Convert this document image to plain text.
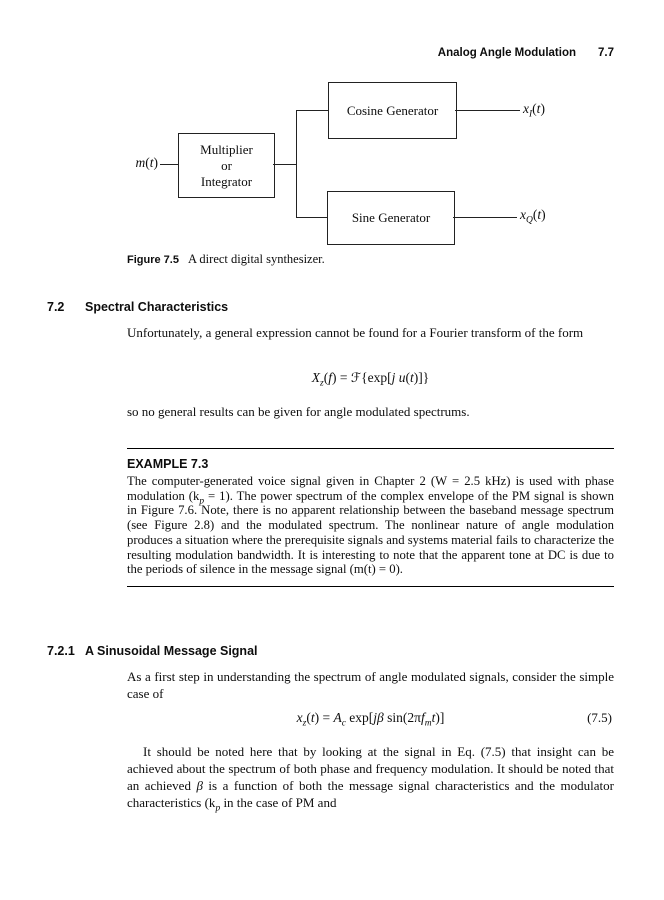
Analog Angle Modulation 7.7
m(t)
Multiplier
or
Integrator
Cosine Generator
Sine Generator
$x_I(t)$
$x_Q(t)$
Figure 7.5 A direct digital synthesizer.
7.2	Spectral Characteristics
Unfortunately, a general expression cannot be found for a Fourier transform of the form
$X_z(f)$ = ℱ{exp[j u(t)]}
so no general results can be given for angle modulated spectrums.
EXAMPLE 7.3
The computer-generated voice signal given in Chapter 2 (W = 2.5 kHz) is used with phase modulation $(k_p = 1)$. The power spectrum of the complex envelope of the PM signal is shown in Figure 7.6. Note, there is no apparent relationship between the baseband message spectrum (see Figure 2.8) and the modulated spectrum. The nonlinear nature of angle modulation produces a situation where the prerequisite signals and systems material fails to characterize the resulting modulation bandwidth. It is interesting to note that the apparent tone at DC is due to the periods of silence in the message signal (m(t) = 0).
7.2.1 A Sinusoidal Message Signal
As a first step in understanding the spectrum of angle modulated signals, consider the simple case of
$x_z(t) = A_c$ exp[jβ $\sin(2\pi f_mt)$]	(7.5)
It should be noted here that by looking at the signal in Eq. (7.5) that insight can be achieved about the spectrum of both phase and frequency modulation. It should be noted that an achieved β is a function of both the message signal characteristics and the modulator characteristics ($k_p$ in the case of PM and
